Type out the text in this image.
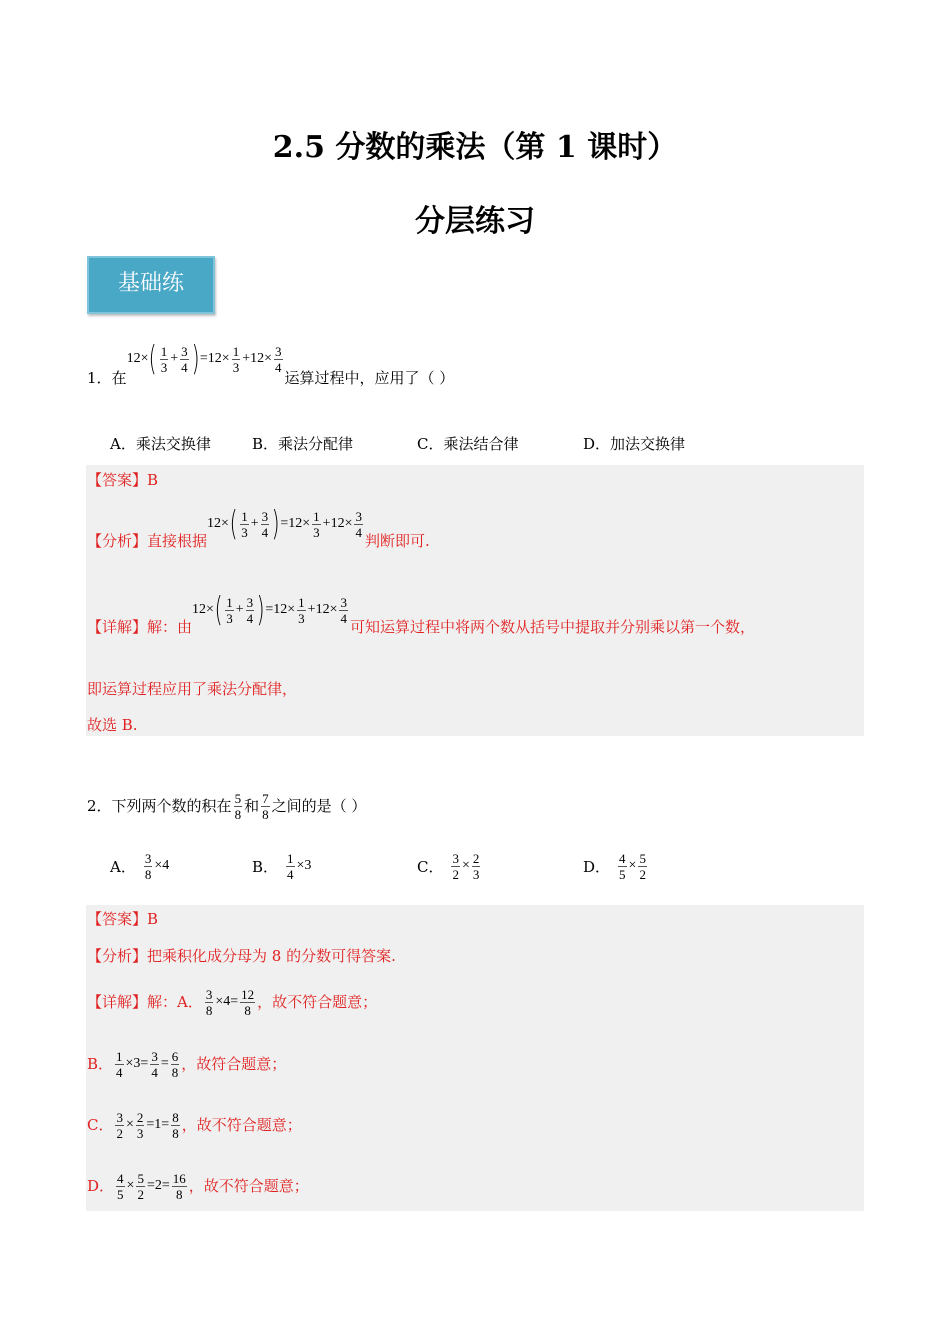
2.5 分数的乘法（第 1 课时）
分层练习
基础练
1． 在
12× ( $\frac{1}{3} + \frac{3}{4}$ ) $=12\times \frac{1}{3} +12\times \frac{3}{4}$
运算过程中，应用了（ ）
A．乘法交换律	B．乘法分配律	C．乘法结合律	D．加法交换律
【答案】B
【分析】 直接根据
12× ( $\frac{1}{3} + \frac{3}{4}$ ) $=12\times \frac{1}{3} +12\times \frac{3}{4}$
判断即可.
【详解】 解：由
12× ( $\frac{1}{3} + \frac{3}{4}$ ) $=12\times \frac{1}{3} +12\times \frac{3}{4}$
可知运算过程中将两个数从括号中提取并分别乘以第一个数，
即运算过程应用了乘法分配律，
故选 B.
2． 下列两个数的积在 $\frac{5}{8}$ 和 $\frac{7}{8}$ 之间的是（ ）
A． $\frac{3}{8} \times 4$	B． $\frac{1}{4} \times 3$	C． $\frac{3}{2} \times \frac{2}{3}$	D． $\frac{4}{5} \times \frac{5}{2}$
【答案】B
【分析】把乘积化成分母为 8 的分数可得答案.
【详解】 解：A． $\frac{3}{8} \times 4= \frac{12}{8}$ ，故不符合题意；
B． $\frac{1}{4} \times 3= \frac{3}{4} = \frac{6}{8}$ ，故符合题意；
C． $\frac{3}{2} \times \frac{2}{3} =1= \frac{8}{8}$ ，故不符合题意；
D． $\frac{4}{5} \times \frac{5}{2} =2= \frac{16}{8}$ ，故不符合题意；
